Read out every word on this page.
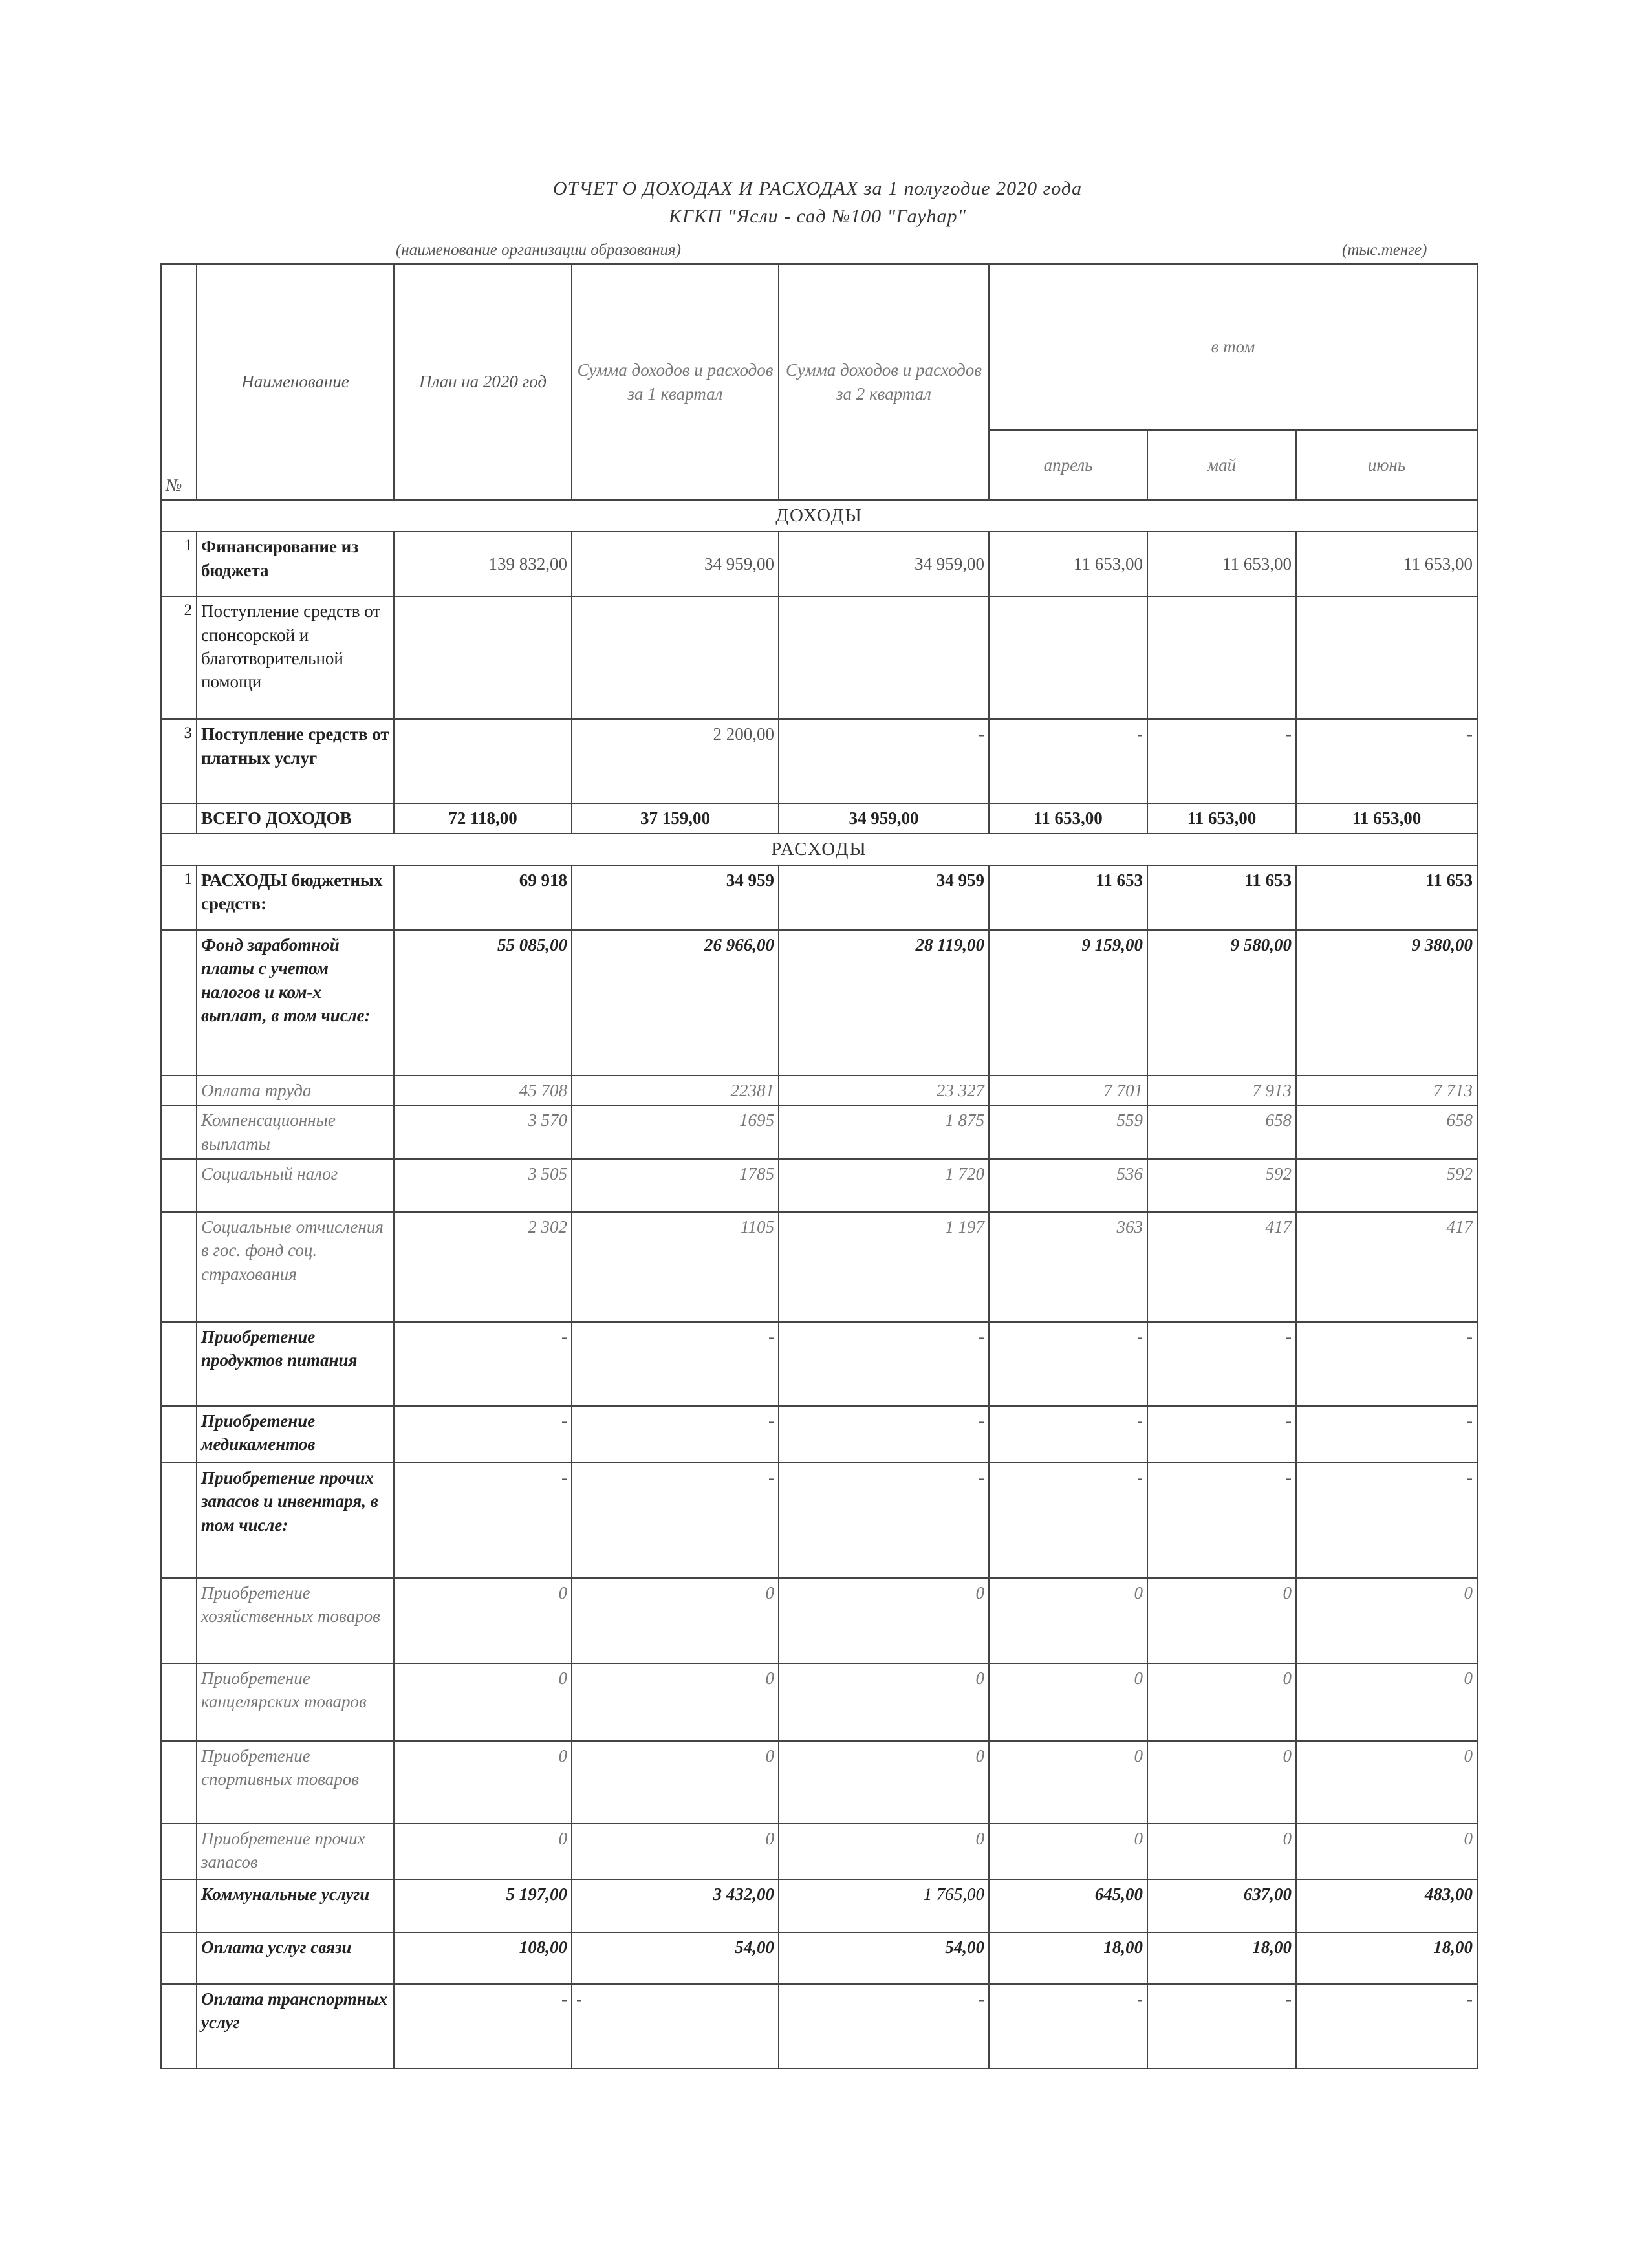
ОТЧЕТ О ДОХОДАХ И РАСХОДАХ за 1 полугодие 2020 года
КГКП "Ясли - сад №100 "Гауһар"
(наименование организации образования)	(тыс.тенге)
№	Наименование	План на 2020 год	Сумма доходов и расходов за 1 квартал	Сумма доходов и расходов за 2 квартал	в том		
					апрель	май	июнь
ДОХОДЫ							
1	Финансирование из бюджета	139 832,00	34 959,00	34 959,00	11 653,00	11 653,00	11 653,00
2	Поступление средств от спонсорской и благотворительной помощи						
3	Поступление средств от платных услуг		2 200,00	-	-	-	-
	ВСЕГО ДОХОДОВ	72 118,00	37 159,00	34 959,00	11 653,00	11 653,00	11 653,00
РАСХОДЫ							
1	РАСХОДЫ бюджетных средств:	69 918	34 959	34 959	11 653	11 653	11 653
	Фонд заработной платы с учетом налогов и ком-х выплат, в том числе:	55 085,00	26 966,00	28 119,00	9 159,00	9 580,00	9 380,00
	Оплата труда	45 708	22381	23 327	7 701	7 913	7 713
	Компенсационные выплаты	3 570	1695	1 875	559	658	658
	Социальный налог	3 505	1785	1 720	536	592	592
	Социальные отчисления в гос. фонд соц. страхования	2 302	1105	1 197	363	417	417
	Приобретение продуктов питания	-	-	-	-	-	-
	Приобретение медикаментов	-	-	-	-	-	-
	Приобретение прочих запасов и инвентаря, в том числе:	-	-	-	-	-	-
	Приобретение хозяйственных товаров	0	0	0	0	0	0
	Приобретение канцелярских товаров	0	0	0	0	0	0
	Приобретение спортивных товаров	0	0	0	0	0	0
	Приобретение прочих запасов	0	0	0	0	0	0
	Коммунальные услуги	5 197,00	3 432,00	1 765,00	645,00	637,00	483,00
	Оплата услуг связи	108,00	54,00	54,00	18,00	18,00	18,00
	Оплата транспортных услуг	-	-	-	-	-	-
